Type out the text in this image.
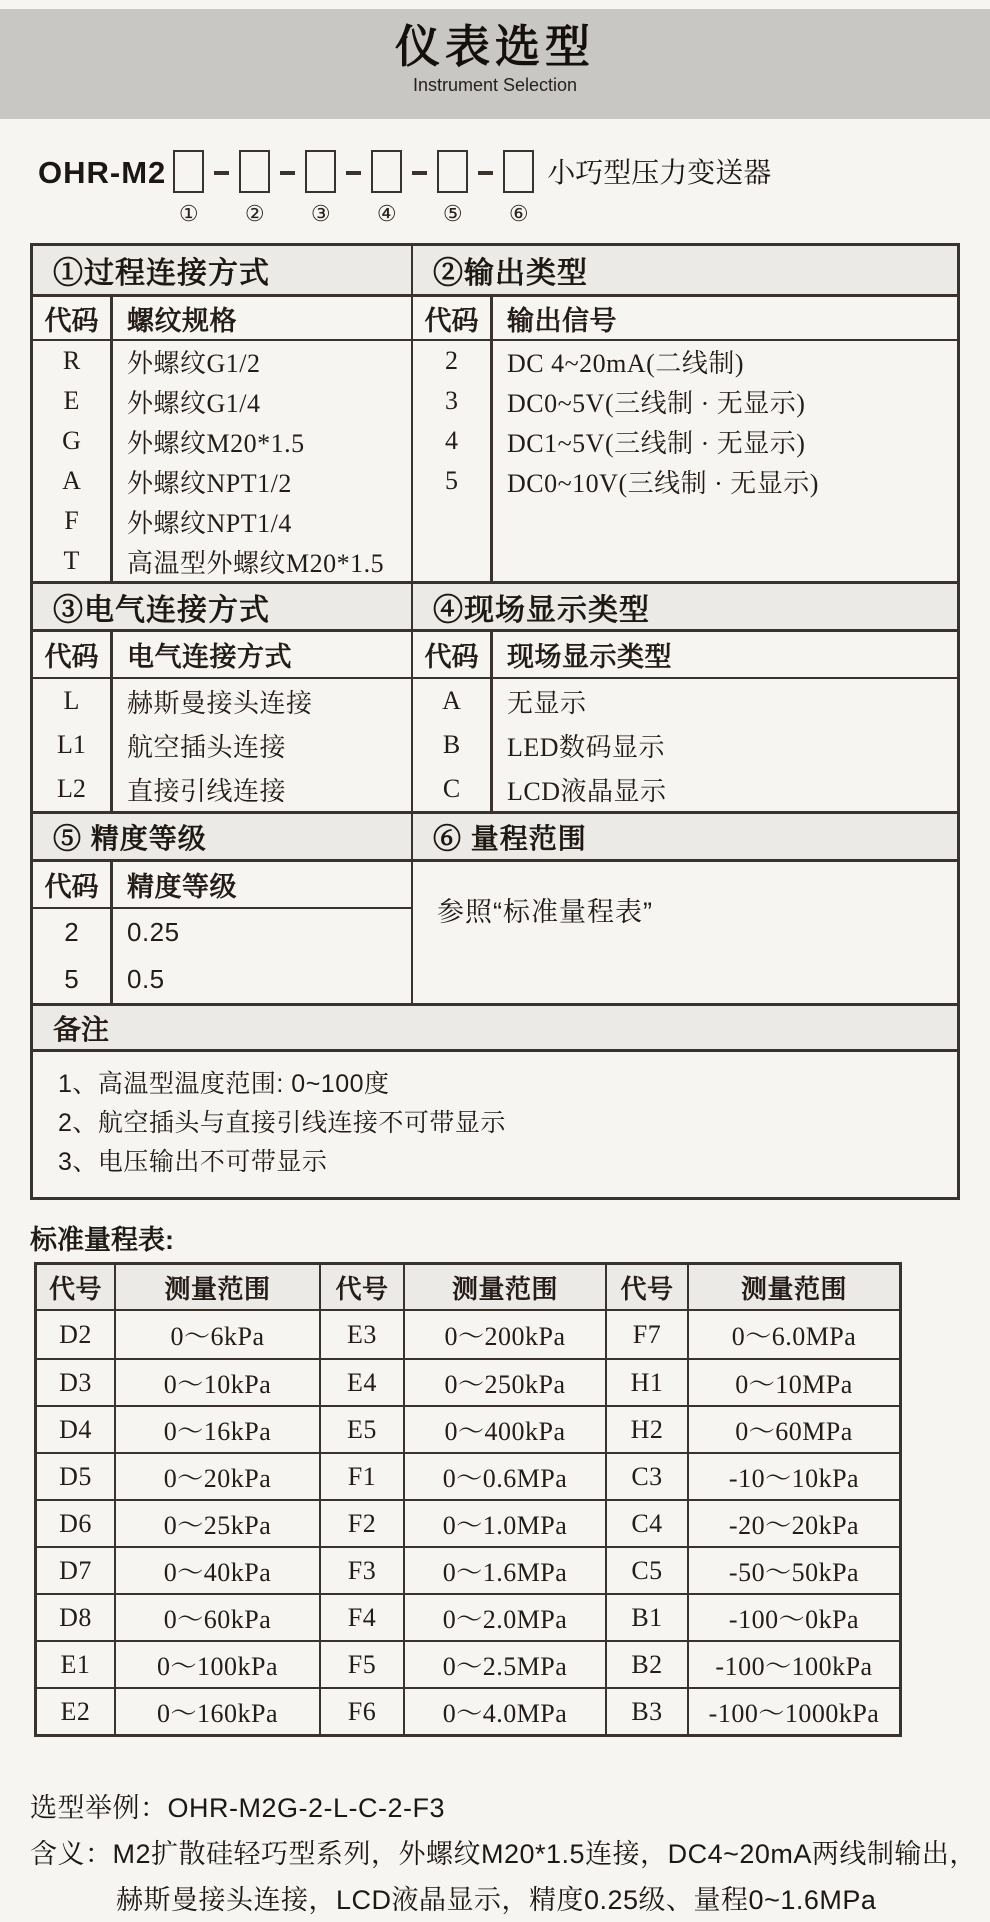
仪表选型
Instrument Selection
OHR-M2
① ② ③ ④ ⑤ ⑥
小巧型压力变送器
①过程连接方式	②输出类型
代码	螺纹规格
R	外螺纹G1/2
E	外螺纹G1/4
G	外螺纹M20*1.5
A	外螺纹NPT1/2
F	外螺纹NPT1/4
T	高温型外螺纹M20*1.5
代码	输出信号
2	DC 4~20mA(二线制)
3	DC0~5V(三线制 · 无显示)
4	DC1~5V(三线制 · 无显示)
5	DC0~10V(三线制 · 无显示)
③电气连接方式	④现场显示类型
代码	电气连接方式
L	赫斯曼接头连接
L1	航空插头连接
L2	直接引线连接
代码	现场显示类型
A	无显示
B	LED数码显示
C	LCD液晶显示
⑤ 精度等级	⑥ 量程范围
代码	精度等级
2	0.25
5	0.5
参照“标准量程表”
备注
1、高温型温度范围: 0~100度
2、航空插头与直接引线连接不可带显示
3、电压输出不可带显示
标准量程表:
代号	测量范围	代号	测量范围	代号	测量范围
D2	0～6kPa	E3	0～200kPa	F7	0～6.0MPa
D3	0～10kPa	E4	0～250kPa	H1	0～10MPa
D4	0～16kPa	E5	0～400kPa	H2	0～60MPa
D5	0～20kPa	F1	0～0.6MPa	C3	-10～10kPa
D6	0～25kPa	F2	0～1.0MPa	C4	-20～20kPa
D7	0～40kPa	F3	0～1.6MPa	C5	-50～50kPa
D8	0～60kPa	F4	0～2.0MPa	B1	-100～0kPa
E1	0～100kPa	F5	0～2.5MPa	B2	-100～100kPa
E2	0～160kPa	F6	0～4.0MPa	B3	-100～1000kPa
选型举例：OHR-M2G-2-L-C-2-F3
含义：M2扩散硅轻巧型系列，外螺纹M20*1.5连接，DC4~20mA两线制输出，
赫斯曼接头连接，LCD液晶显示，精度0.25级、量程0~1.6MPa
